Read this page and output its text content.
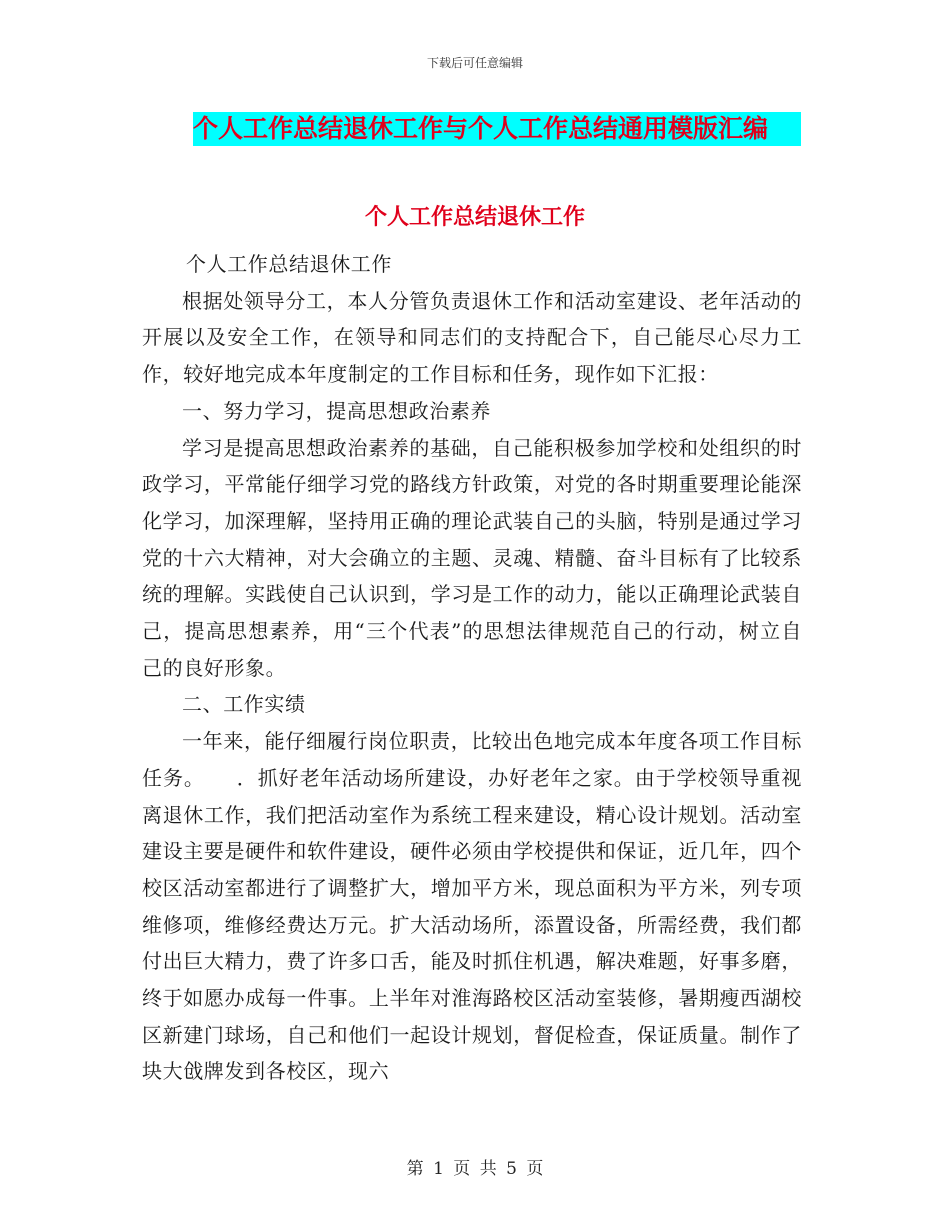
下载后可任意编辑
个人工作总结退休工作与个人工作总结通用模版汇编
个人工作总结退休工作

个人工作总结退休工作

根据处领导分工，本人分管负责退休工作和活动室建设、老年活动的开展以及安全工作，在领导和同志们的支持配合下，自己能尽心尽力工作，较好地完成本年度制定的工作目标和任务，现作如下汇报：

一、努力学习，提高思想政治素养

学习是提高思想政治素养的基础，自己能积极参加学校和处组织的时政学习，平常能仔细学习党的路线方针政策，对党的各时期重要理论能深化学习，加深理解，坚持用正确的理论武装自己的头脑，特别是通过学习党的十六大精神，对大会确立的主题、灵魂、精髓、奋斗目标有了比较系统的理解。实践使自己认识到，学习是工作的动力，能以正确理论武装自己，提高思想素养，用“三个代表”的思想法律规范自己的行动，树立自己的良好形象。

二、工作实绩

一年来，能仔细履行岗位职责，比较出色地完成本年度各项工作目标任务。　　．抓好老年活动场所建设，办好老年之家。由于学校领导重视离退休工作，我们把活动室作为系统工程来建设，精心设计规划。活动室建设主要是硬件和软件建设，硬件必须由学校提供和保证，近几年，四个校区活动室都进行了调整扩大，增加平方米，现总面积为平方米，列专项维修项，维修经费达万元。扩大活动场所，添置设备，所需经费，我们都付出巨大精力，费了许多口舌，能及时抓住机遇，解决难题，好事多磨，终于如愿办成每一件事。上半年对淮海路校区活动室装修，暑期瘦西湖校区新建门球场，自己和他们一起设计规划，督促检查，保证质量。制作了块大戗牌发到各校区，现六

第 1 页 共 5 页
